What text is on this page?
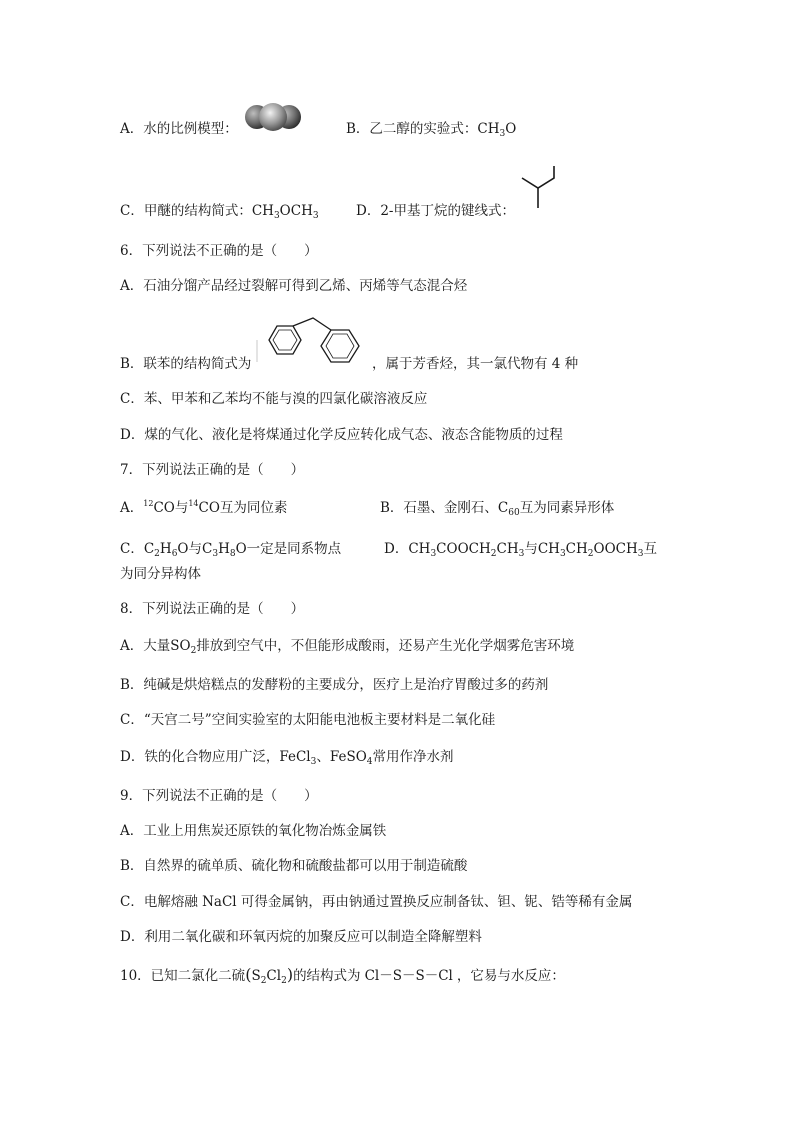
A．水的比例模型：	B．乙二醇的实验式：$CH_3O$
C．甲醚的结构简式：$CH_3OCH_3$	D．2-甲基丁烷的键线式：
6．下列说法不正确的是（　　）
A．石油分馏产品经过裂解可得到乙烯、丙烯等气态混合烃
B．联苯的结构简式为	，属于芳香烃，其一氯代物有 4 种
C．苯、甲苯和乙苯均不能与溴的四氯化碳溶液反应
D．煤的气化、液化是将煤通过化学反应转化成气态、液态含能物质的过程
7．下列说法正确的是（　　）
A．$^{12}$CO与$^{14}$CO互为同位素	B．石墨、金刚石、$C_{60}$互为同素异形体
C．$C_2H_6O$与$C_3H_8O$一定是同系物点	D．$CH_3COOCH_2CH_3$与$CH_3CH_2OOCH_3$互
为同分异构体
8．下列说法正确的是（　　）
A．大量$SO_2$排放到空气中，不但能形成酸雨，还易产生光化学烟雾危害环境
B．纯碱是烘焙糕点的发酵粉的主要成分，医疗上是治疗胃酸过多的药剂
C．“天宫二号”空间实验室的太阳能电池板主要材料是二氧化硅
D．铁的化合物应用广泛，FeCl$_3$、FeSO$_4$常用作净水剂
9．下列说法不正确的是（　　）
A．工业上用焦炭还原铁的氧化物冶炼金属铁
B．自然界的硫单质、硫化物和硫酸盐都可以用于制造硫酸
C．电解熔融 NaCl 可得金属钠，再由钠通过置换反应制备钛、钽、铌、锆等稀有金属
D．利用二氧化碳和环氧丙烷的加聚反应可以制造全降解塑料
10．已知二氯化二硫$(S_2Cl_2)$的结构式为 Cl－S－S－Cl ，它易与水反应：
